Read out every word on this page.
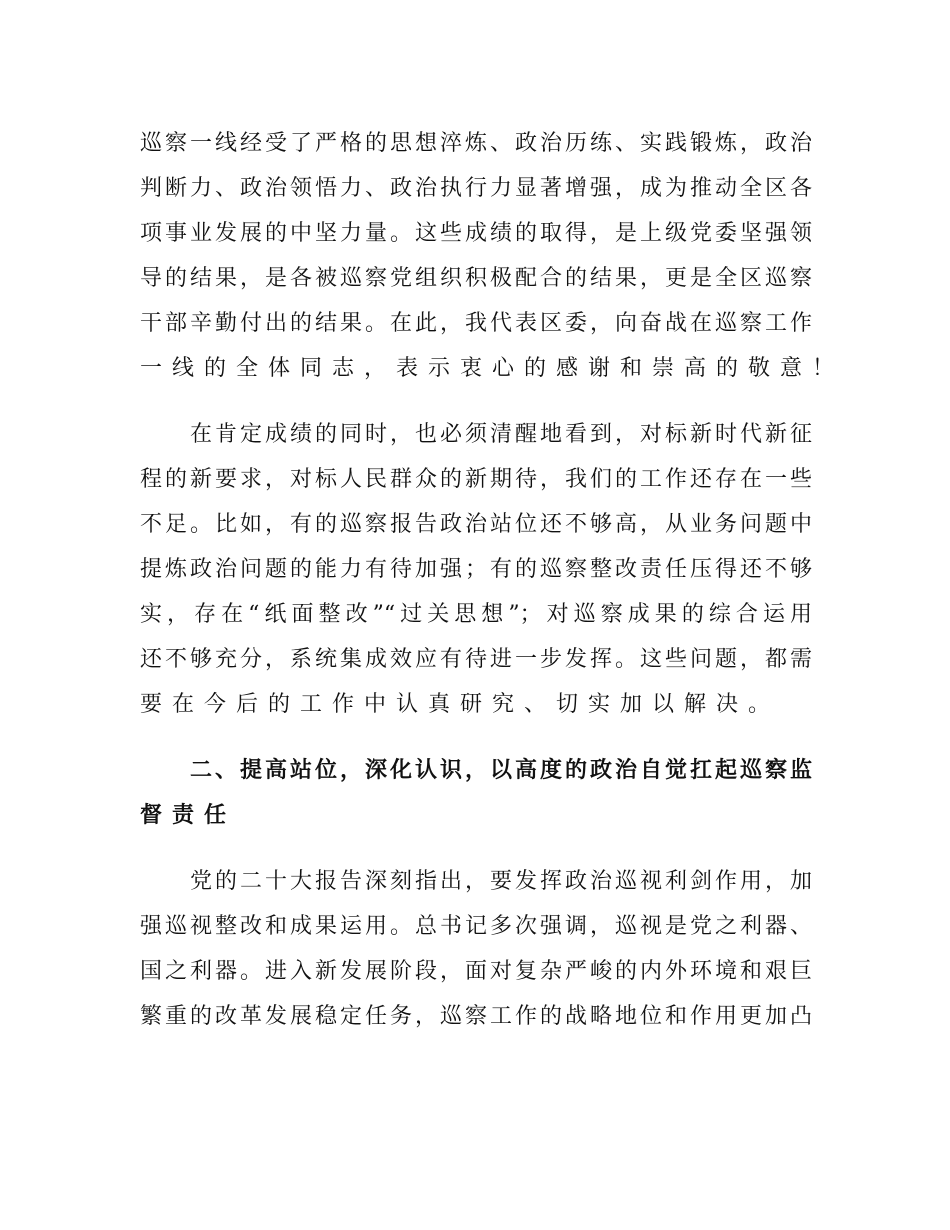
巡察一线经受了严格的思想淬炼、政治历练、实践锻炼，政治
判断力、政治领悟力、政治执行力显著增强，成为推动全区各
项事业发展的中坚力量。这些成绩的取得，是上级党委坚强领
导的结果，是各被巡察党组织积极配合的结果，更是全区巡察
干部辛勤付出的结果。在此，我代表区委，向奋战在巡察工作
一线的全体同志，表示衷心的感谢和崇高的敬意！
在肯定成绩的同时，也必须清醒地看到，对标新时代新征
程的新要求，对标人民群众的新期待，我们的工作还存在一些
不足。比如，有的巡察报告政治站位还不够高，从业务问题中
提炼政治问题的能力有待加强；有的巡察整改责任压得还不够
实，存在“纸面整改”“过关思想”；对巡察成果的综合运用
还不够充分，系统集成效应有待进一步发挥。这些问题，都需
要在今后的工作中认真研究、切实加以解决。
二、提高站位，深化认识，以高度的政治自觉扛起巡察监
督责任
党的二十大报告深刻指出，要发挥政治巡视利剑作用，加
强巡视整改和成果运用。总书记多次强调，巡视是党之利器、
国之利器。进入新发展阶段，面对复杂严峻的内外环境和艰巨
繁重的改革发展稳定任务，巡察工作的战略地位和作用更加凸
